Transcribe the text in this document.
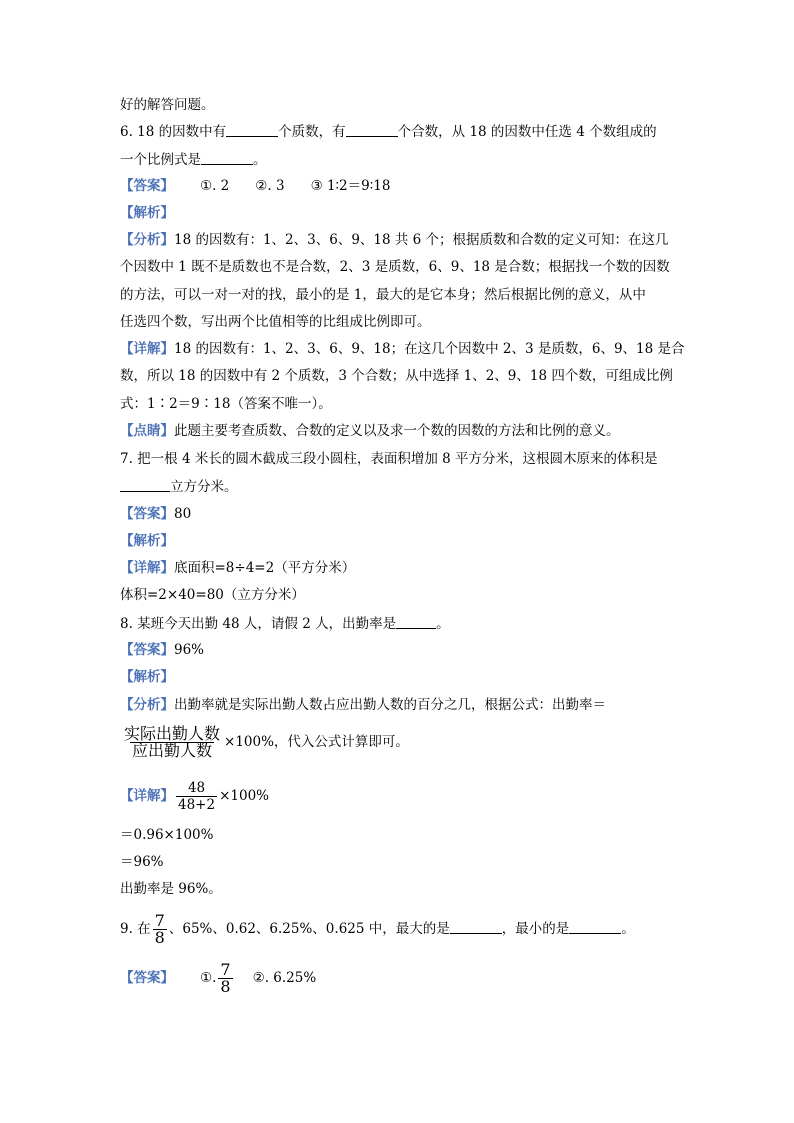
好的解答问题。
6. 18 的因数中有	个质数，有	个合数，从 18 的因数中任选 4 个数组成的
一个比例式是	。
【答案】 ①. 2 ②. 3 ③ 1∶2＝9∶18
【解析】
【分析】18 的因数有：1、2、3、6、9、18 共 6 个；根据质数和合数的定义可知：在这几
个因数中 1 既不是质数也不是合数，2、3 是质数，6、9、18 是合数；根据找一个数的因数
的方法，可以一对一对的找，最小的是 1，最大的是它本身；然后根据比例的意义，从中
任选四个数，写出两个比值相等的比组成比例即可。
【详解】18 的因数有：1、2、3、6、9、18；在这几个因数中 2、3 是质数，6、9、18 是合
数，所以 18 的因数中有 2 个质数，3 个合数；从中选择 1、2、9、18 四个数，可组成比例
式：1∶2＝9∶18（答案不唯一）。
【点睛】此题主要考查质数、合数的定义以及求一个数的因数的方法和比例的意义。
7. 把一根 4 米长的圆木截成三段小圆柱，表面积增加 8 平方分米，这根圆木原来的体积是
立方分米。
【答案】80
【解析】
【详解】底面积=8÷4=2（平方分米）
体积=2×40=80（立方分米）
8. 某班今天出勤 48 人，请假 2 人，出勤率是	。
【答案】96%
【解析】
【分析】出勤率就是实际出勤人数占应出勤人数的百分之几，根据公式：出勤率＝
$\frac{\text{实际出勤人数}}{\text{应出勤人数}} \times 100\%$，代入公式计算即可。
【详解】 $\frac{48}{48+2} \times 100\%$
＝0.96×100%
＝96%
出勤率是 96%。
9. 在 $\frac{7}{8}$ 、65%、0.62、6.25%、0.625 中，最大的是	，最小的是	。
【答案】 ①. $\frac{7}{8}$ ②. 6.25%
